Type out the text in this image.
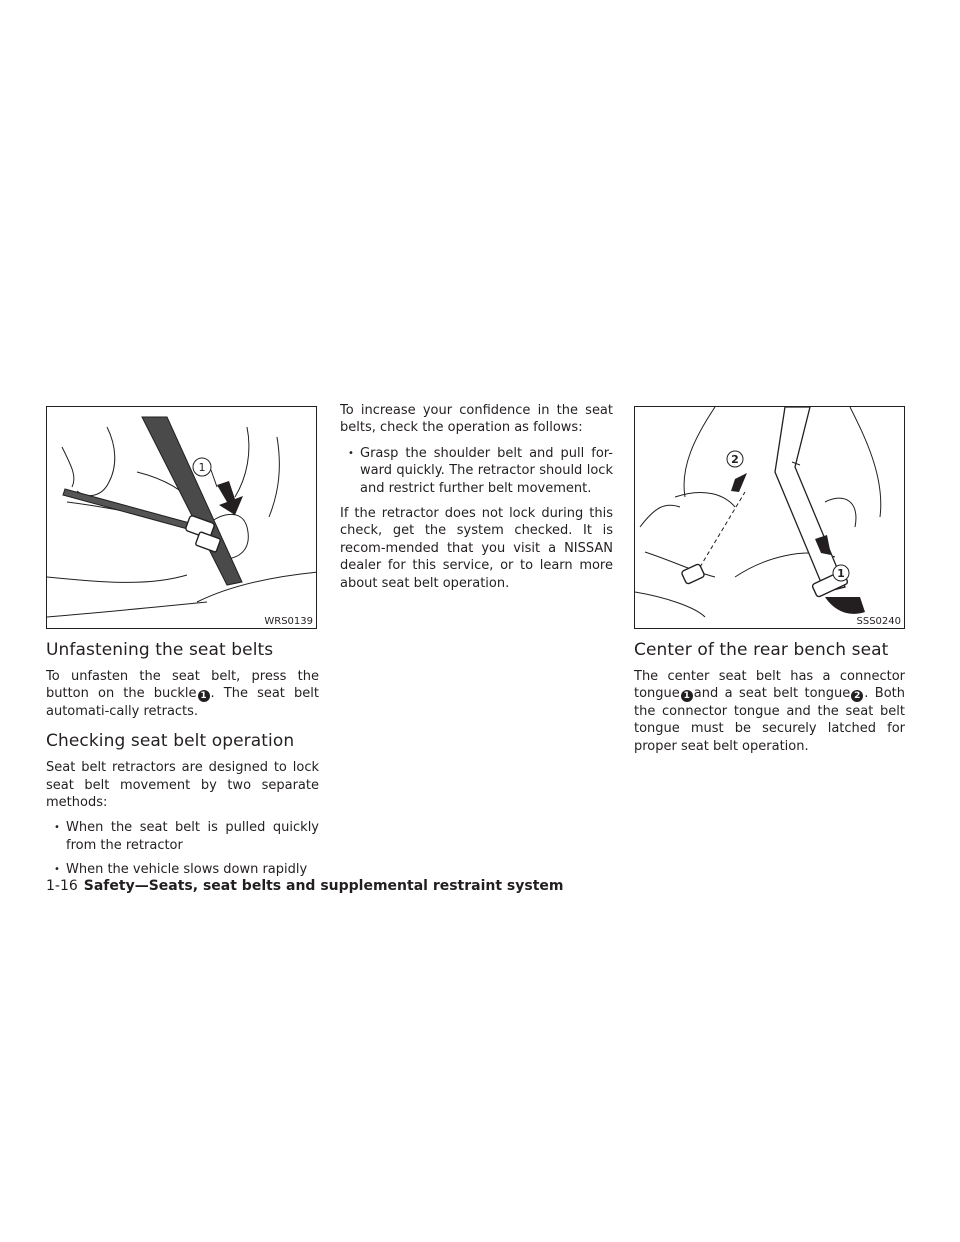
1
WRS0139
Unfastening the seat belts

To unfasten the seat belt, press the button on the buckle 1 . The seat belt automati-cally retracts.

Checking seat belt operation

Seat belt retractors are designed to lock seat belt movement by two separate methods:

• When the seat belt is pulled quickly from the retractor
• When the vehicle slows down rapidly

To increase your confidence in the seat belts, check the operation as follows:

• Grasp the shoulder belt and pull for-ward quickly. The retractor should lock and restrict further belt movement.

If the retractor does not lock during this check, get the system checked. It is recom-mended that you visit a NISSAN dealer for this service, or to learn more about seat belt operation.

2
1
SSS0240
Center of the rear bench seat

The center seat belt has a connector tongue 1 and a seat belt tongue 2 . Both the connector tongue and the seat belt tongue must be securely latched for proper seat belt operation.

1-16 Safety—Seats, seat belts and supplemental restraint system
